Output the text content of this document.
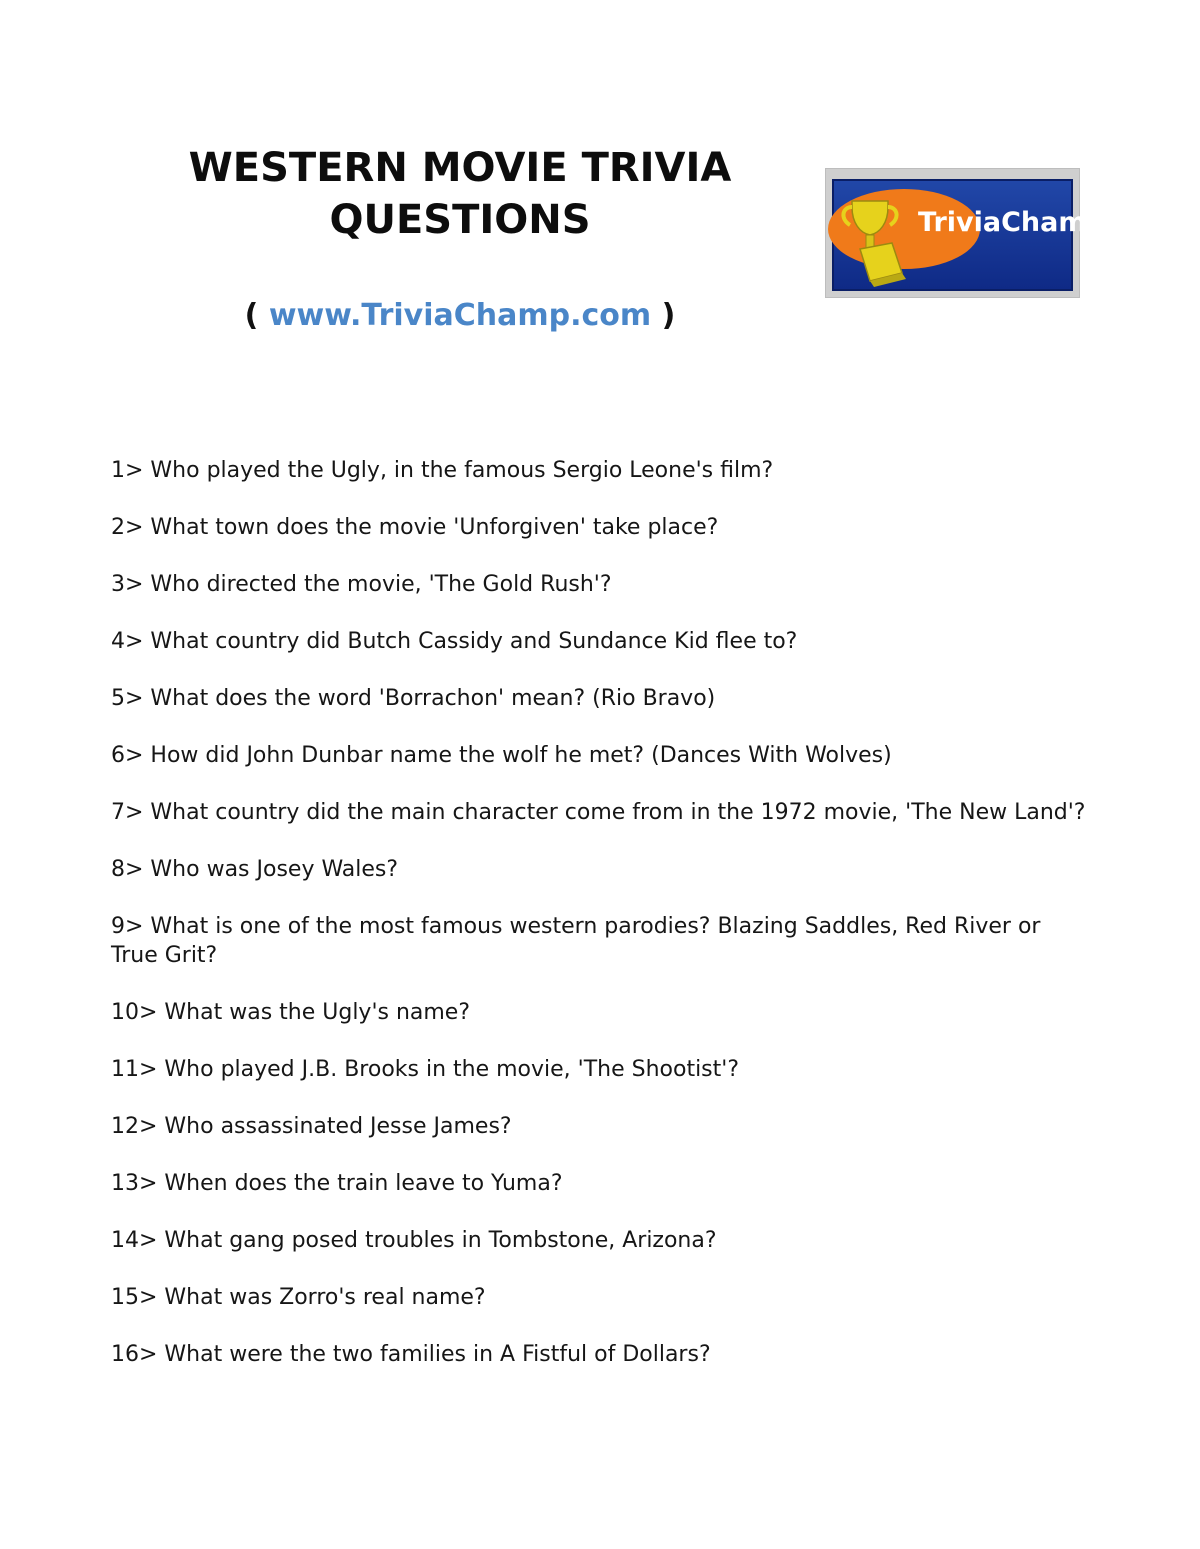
WESTERN MOVIE TRIVIA
QUESTIONS
( www.TriviaChamp.com )
TriviaChamp
1> Who played the Ugly, in the famous Sergio Leone's film?
2> What town does the movie 'Unforgiven' take place?
3> Who directed the movie, 'The Gold Rush'?
4> What country did Butch Cassidy and Sundance Kid flee to?
5> What does the word 'Borrachon' mean? (Rio Bravo)
6> How did John Dunbar name the wolf he met? (Dances With Wolves)
7> What country did the main character come from in the 1972 movie, 'The New Land'?
8> Who was Josey Wales?
9> What is one of the most famous western parodies? Blazing Saddles, Red River or True Grit?
10> What was the Ugly's name?
11> Who played J.B. Brooks in the movie, 'The Shootist'?
12> Who assassinated Jesse James?
13> When does the train leave to Yuma?
14> What gang posed troubles in Tombstone, Arizona?
15> What was Zorro's real name?
16> What were the two families in A Fistful of Dollars?
